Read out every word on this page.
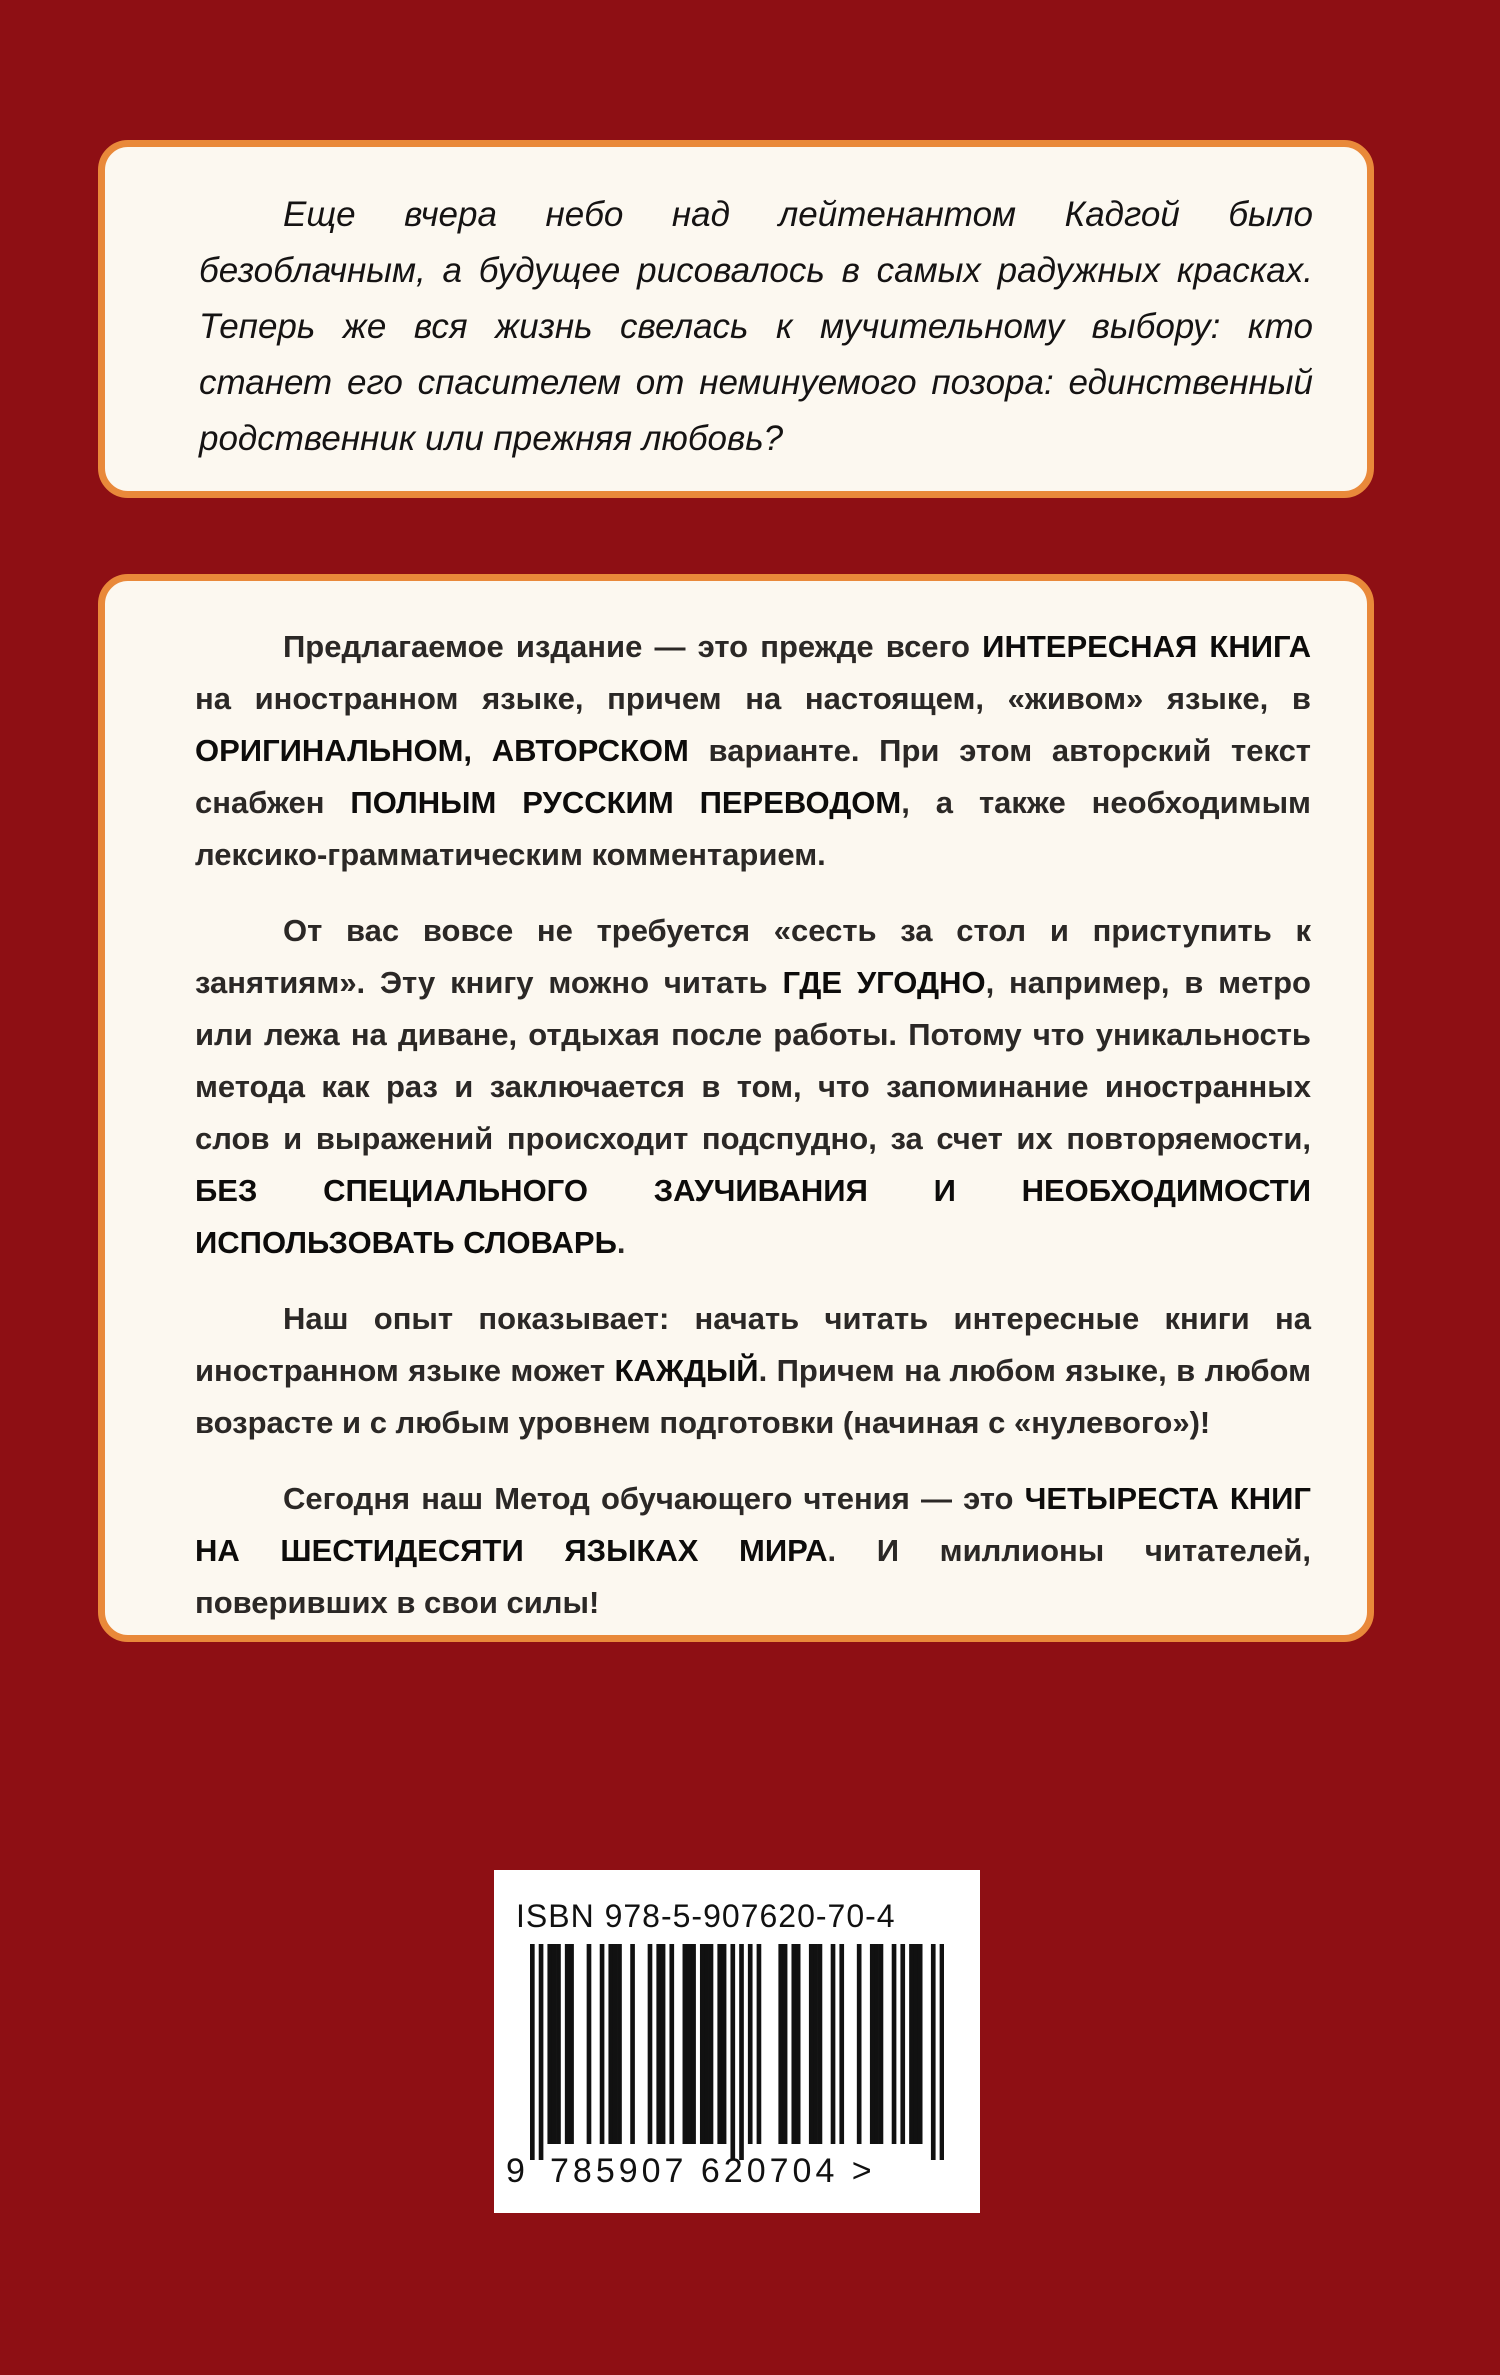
Еще вчера небо над лейтенантом Кадгой было безоблачным, а будущее рисовалось в самых радужных красках. Теперь же вся жизнь свелась к мучительному выбору: кто станет его спасителем от неминуемого позора: единственный родственник или прежняя любовь?

Предлагаемое издание — это прежде всего ИНТЕРЕСНАЯ КНИГА на иностранном языке, причем на настоящем, «живом» языке, в ОРИГИНАЛЬНОМ, АВТОРСКОМ варианте. При этом авторский текст снабжен ПОЛНЫМ РУССКИМ ПЕРЕВОДОМ, а также необходимым лексико-грамматическим комментарием.

От вас вовсе не требуется «сесть за стол и приступить к занятиям». Эту книгу можно читать ГДЕ УГОДНО, например, в метро или лежа на диване, отдыхая после работы. Потому что уникальность метода как раз и заключается в том, что запоминание иностранных слов и выражений происходит подспудно, за счет их повторяемости, БЕЗ СПЕЦИАЛЬНОГО ЗАУЧИВАНИЯ И НЕОБХОДИМОСТИ ИСПОЛЬЗОВАТЬ СЛОВАРЬ.

Наш опыт показывает: начать читать интересные книги на иностранном языке может КАЖДЫЙ. Причем на любом языке, в любом возрасте и с любым уровнем подготовки (начиная с «нулевого»)!

Сегодня наш Метод обучающего чтения — это ЧЕТЫРЕСТА КНИГ НА ШЕСТИДЕСЯТИ ЯЗЫКАХ МИРА. И миллионы читателей, поверивших в свои силы!

ISBN 978-5-907620-70-4
9 785907 620704 >
